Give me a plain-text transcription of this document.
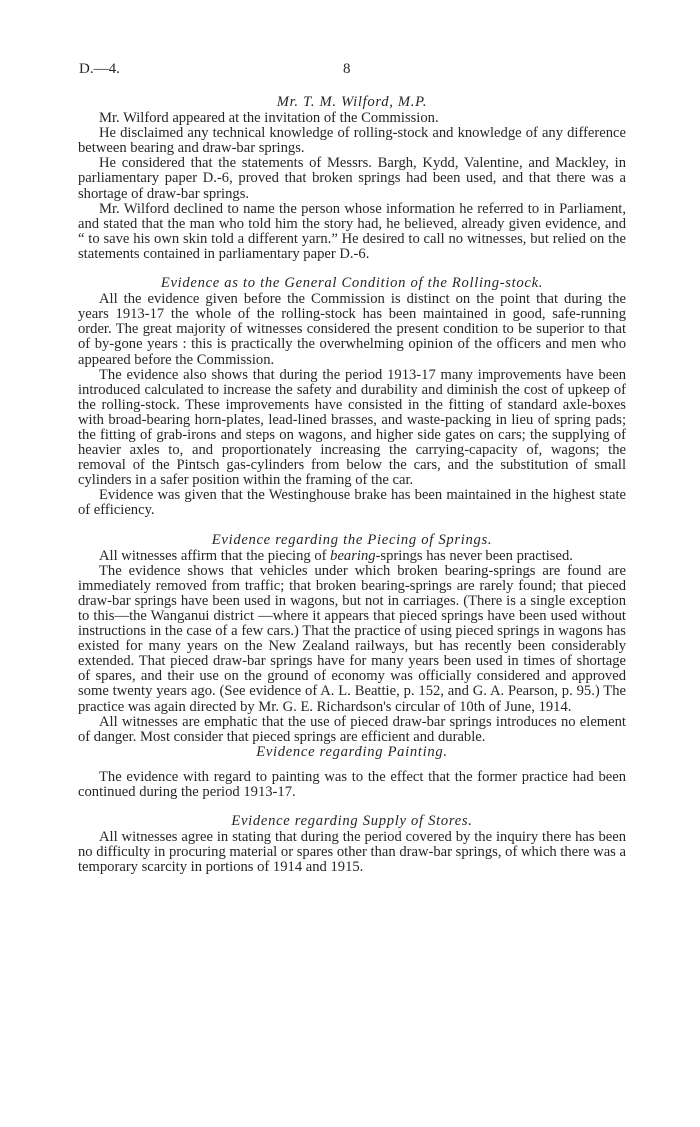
D.—4.	8
Mr. T. M. Wilford, M.P.

Mr. Wilford appeared at the invitation of the Commission.

He disclaimed any technical knowledge of rolling-stock and knowledge of any difference between bearing and draw-bar springs.

He considered that the statements of Messrs. Bargh, Kydd, Valentine, and Mackley, in parliamentary paper D.-6, proved that broken springs had been used, and that there was a shortage of draw-bar springs.

Mr. Wilford declined to name the person whose information he referred to in Parliament, and stated that the man who told him the story had, he believed, already given evidence, and “ to save his own skin told a different yarn.” He desired to call no witnesses, but relied on the statements contained in parliamentary paper D.-6.

Evidence as to the General Condition of the Rolling-stock.

All the evidence given before the Commission is distinct on the point that during the years 1913-17 the whole of the rolling-stock has been maintained in good, safe-running order. The great majority of witnesses considered the present condition to be superior to that of by-gone years : this is practically the overwhelming opinion of the officers and men who appeared before the Commission.

The evidence also shows that during the period 1913-17 many improvements have been introduced calculated to increase the safety and durability and diminish the cost of upkeep of the rolling-stock. These improvements have consisted in the fitting of standard axle-boxes with broad-bearing horn-plates, lead-lined brasses, and waste-packing in lieu of spring pads; the fitting of grab-irons and steps on wagons, and higher side gates on cars; the supplying of heavier axles to, and proportionately increasing the carrying-capacity of, wagons; the removal of the Pintsch gas-cylinders from below the cars, and the substitution of small cylinders in a safer position within the framing of the car.

Evidence was given that the Westinghouse brake has been maintained in the highest state of efficiency.

Evidence regarding the Piecing of Springs.

All witnesses affirm that the piecing of bearing-springs has never been practised.

The evidence shows that vehicles under which broken bearing-springs are found are immediately removed from traffic; that broken bearing-springs are rarely found; that pieced draw-bar springs have been used in wagons, but not in carriages. (There is a single exception to this—the Wanganui district —where it appears that pieced springs have been used without instructions in the case of a few cars.) That the practice of using pieced springs in wagons has existed for many years on the New Zealand railways, but has recently been considerably extended. That pieced draw-bar springs have for many years been used in times of shortage of spares, and their use on the ground of economy was officially considered and approved some twenty years ago. (See evidence of A. L. Beattie, p. 152, and G. A. Pearson, p. 95.) The practice was again directed by Mr. G. E. Richardson's circular of 10th of June, 1914.

All witnesses are emphatic that the use of pieced draw-bar springs introduces no element of danger. Most consider that pieced springs are efficient and durable.

Evidence regarding Painting.

The evidence with regard to painting was to the effect that the former practice had been continued during the period 1913-17.

Evidence regarding Supply of Stores.

All witnesses agree in stating that during the period covered by the inquiry there has been no difficulty in procuring material or spares other than draw-bar springs, of which there was a temporary scarcity in portions of 1914 and 1915.
